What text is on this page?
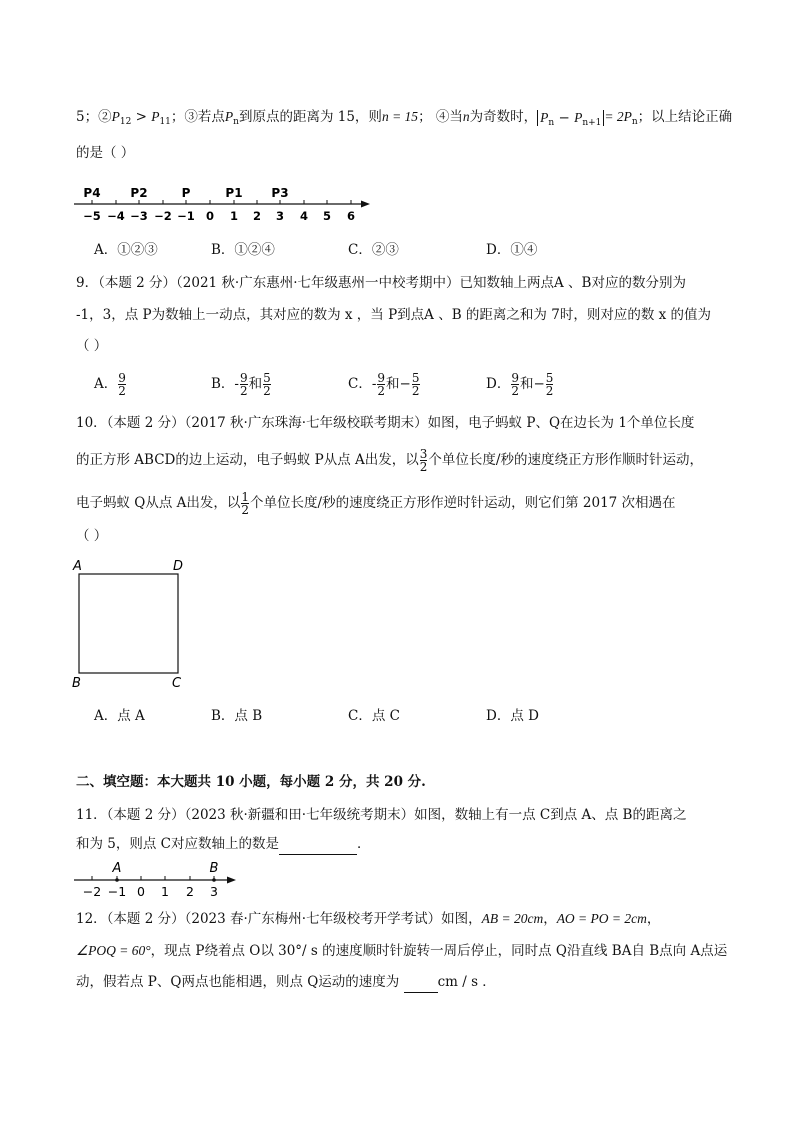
5；$②P_{12} > P_{11}$；③若点$P_n$到原点的距离为 15，则n = 15； ④当n为奇数时， $P_n - P_{n+1} = 2P_n$；以上结论正确
的是（ ）
P4 P2	P	P1 P3
−5 −4 −3 −2 −1 0 1 2 3 4 5 6
A．①②③	B．①②④	C．②③	D．①④
9．（本题 2 分）（2021 秋·广东惠州·七年级惠州一中校考期中）已知数轴上两点A 、B对应的数分别为
-1，3，点 P为数轴上一动点，其对应的数为 x ，当 P到点A 、B 的距离之和为 7时，则对应的数 x 的值为
（ ）
A． $\frac{9}{2}$	B．- $\frac{9}{2}$ 和 $\frac{5}{2}$	C．- $\frac{9}{2}$ 和− $\frac{5}{2}$	D． $\frac{9}{2}$ 和− $\frac{5}{2}$
10．（本题 2 分）（2017 秋·广东珠海·七年级校联考期末）如图，电子蚂蚁 P、Q在边长为 1个单位长度
的正方形 ABCD的边上运动，电子蚂蚁 P从点 A出发，以 $\frac{3}{2}$ 个单位长度/秒的速度绕正方形作顺时针运动，
电子蚂蚁 Q从点 A出发，以 $\frac{1}{2}$ 个单位长度/秒的速度绕正方形作逆时针运动，则它们第 2017 次相遇在
（ ）
A	D
B	C
A．点 A	B．点 B	C．点 C	D．点 D
二、填空题：本大题共 10 小题，每小题 2 分，共 20 分.
11．（本题 2 分）（2023 秋·新疆和田·七年级统考期末）如图，数轴上有一点 C到点 A、点 B的距离之
和为 5，则点 C对应数轴上的数是	．
A	B
−2 −1 0 1 2 3
12．（本题 2 分）（2023 春·广东梅州·七年级校考开学考试）如图，AB = 20cm，AO = PO = 2cm，
∠POQ = 60°，现点 P绕着点 O以 30°/ s 的速度顺时针旋转一周后停止，同时点 Q沿直线 BA自 B点向 A点运
动，假若点 P、Q两点也能相遇，则点 Q运动的速度为	cm / s ．
